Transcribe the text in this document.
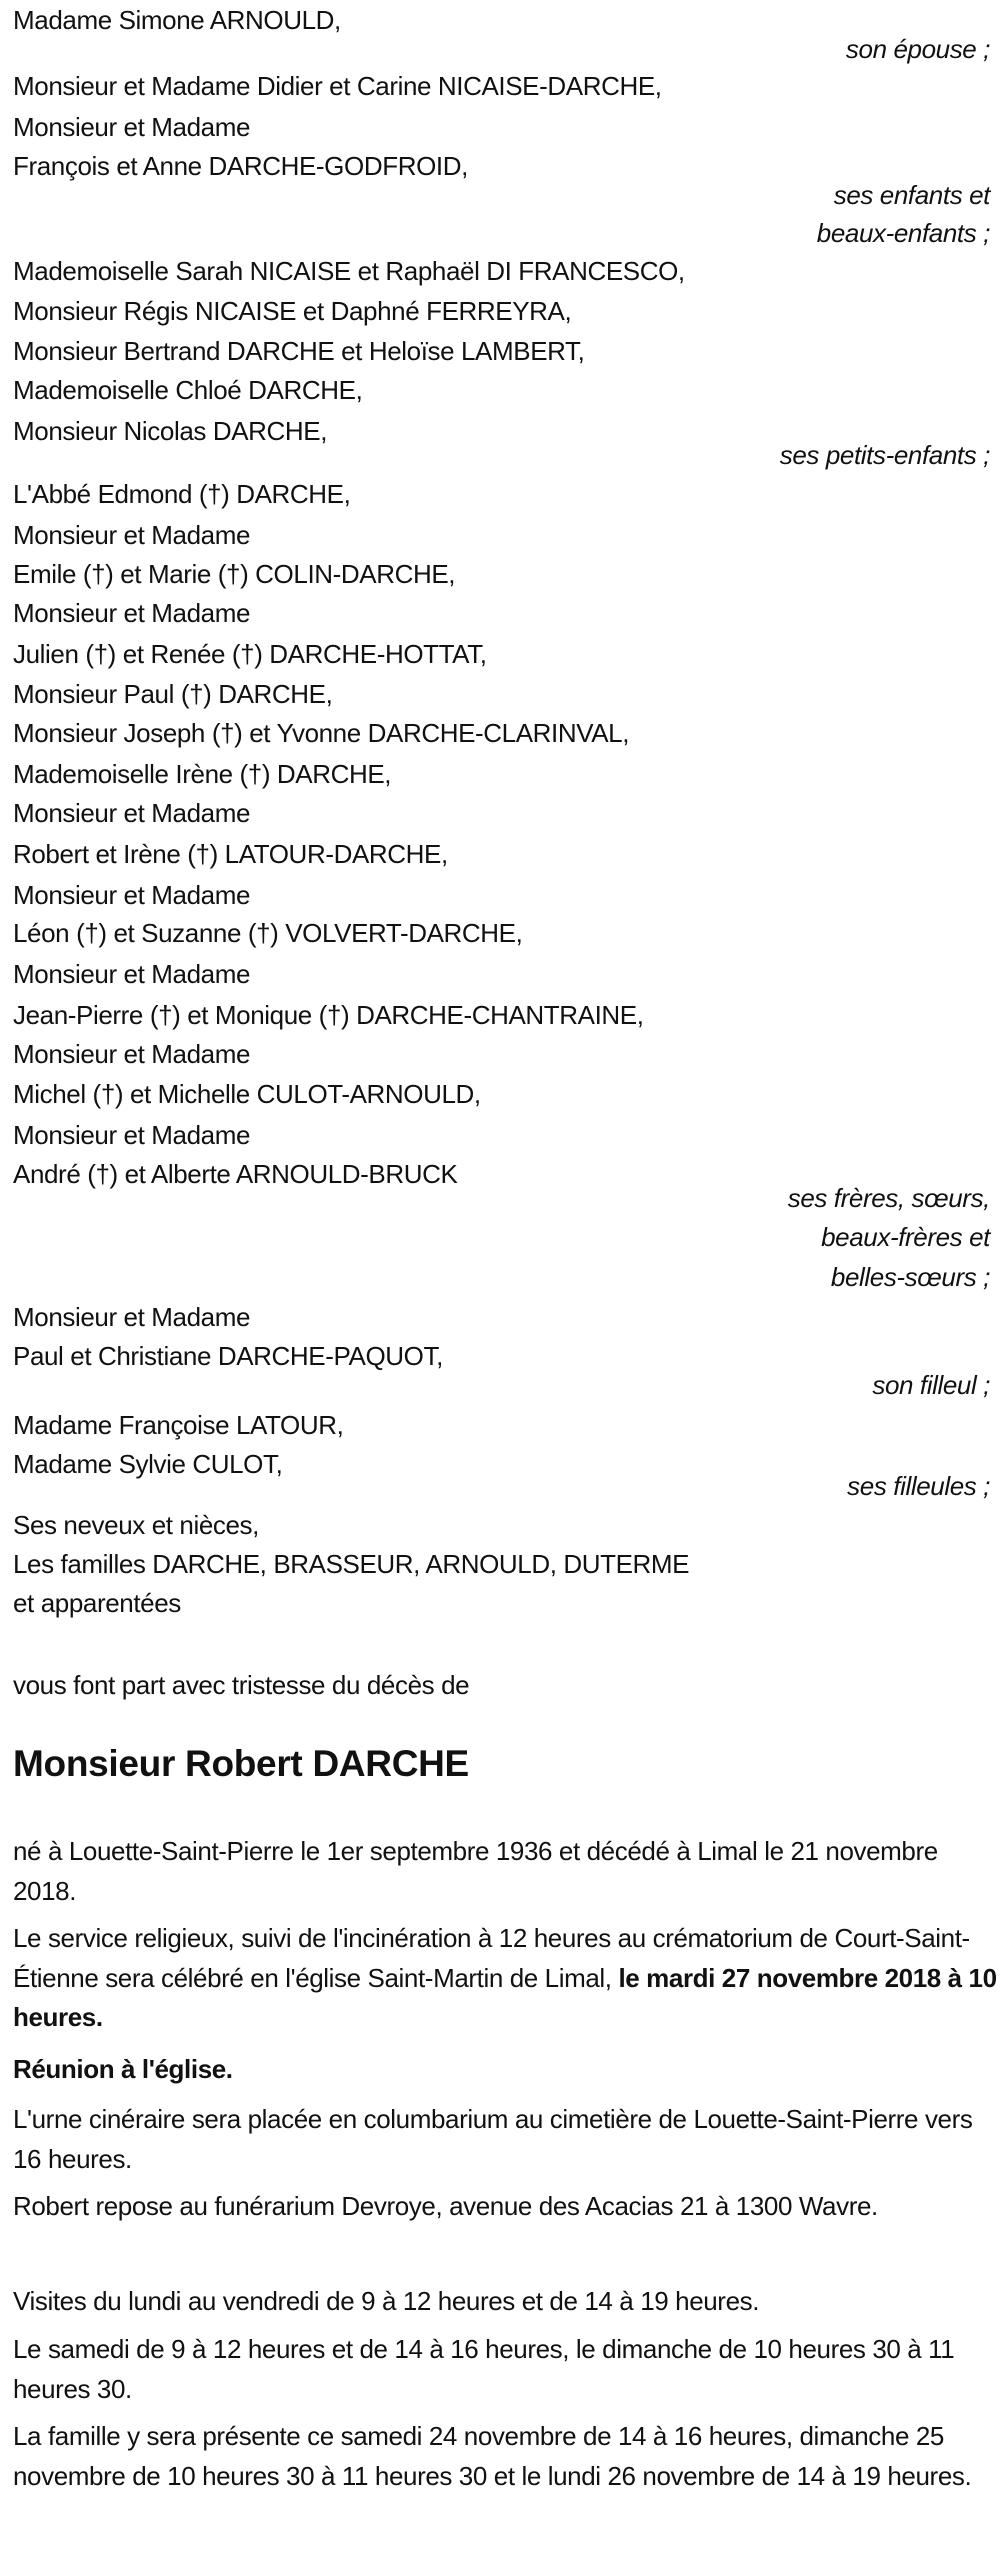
Madame Simone ARNOULD,
son épouse ;
Monsieur et Madame Didier et Carine NICAISE-DARCHE,
Monsieur et Madame
François et Anne DARCHE-GODFROID,
ses enfants et
beaux-enfants ;
Mademoiselle Sarah NICAISE et Raphaël DI FRANCESCO,
Monsieur Régis NICAISE et Daphné FERREYRA,
Monsieur Bertrand DARCHE et Heloïse LAMBERT,
Mademoiselle Chloé DARCHE,
Monsieur Nicolas DARCHE,
ses petits-enfants ;
L'Abbé Edmond (†) DARCHE,
Monsieur et Madame
Emile (†) et Marie (†) COLIN-DARCHE,
Monsieur et Madame
Julien (†) et Renée (†) DARCHE-HOTTAT,
Monsieur Paul (†) DARCHE,
Monsieur Joseph (†) et Yvonne DARCHE-CLARINVAL,
Mademoiselle Irène (†) DARCHE,
Monsieur et Madame
Robert et Irène (†) LATOUR-DARCHE,
Monsieur et Madame
Léon (†) et Suzanne (†) VOLVERT-DARCHE,
Monsieur et Madame
Jean-Pierre (†) et Monique (†) DARCHE-CHANTRAINE,
Monsieur et Madame
Michel (†) et Michelle CULOT-ARNOULD,
Monsieur et Madame
André (†) et Alberte ARNOULD-BRUCK
ses frères, sœurs,
beaux-frères et
belles-sœurs ;
Monsieur et Madame
Paul et Christiane DARCHE-PAQUOT,
son filleul ;
Madame Françoise LATOUR,
Madame Sylvie CULOT,
ses filleules ;
Ses neveux et nièces,
Les familles DARCHE, BRASSEUR, ARNOULD, DUTERME
et apparentées
vous font part avec tristesse du décès de
Monsieur Robert DARCHE

né à Louette-Saint-Pierre le 1er septembre 1936 et décédé à Limal le 21 novembre 2018.

Le service religieux, suivi de l'incinération à 12 heures au crématorium de Court-Saint-Étienne sera célébré en l'église Saint-Martin de Limal, le mardi 27 novembre 2018 à 10 heures.

Réunion à l'église.

L'urne cinéraire sera placée en columbarium au cimetière de Louette-Saint-Pierre vers 16 heures.

Robert repose au funérarium Devroye, avenue des Acacias 21 à 1300 Wavre.

Visites du lundi au vendredi de 9 à 12 heures et de 14 à 19 heures.

Le samedi de 9 à 12 heures et de 14 à 16 heures, le dimanche de 10 heures 30 à 11 heures 30.

La famille y sera présente ce samedi 24 novembre de 14 à 16 heures, dimanche 25 novembre de 10 heures 30 à 11 heures 30 et le lundi 26 novembre de 14 à 19 heures.
